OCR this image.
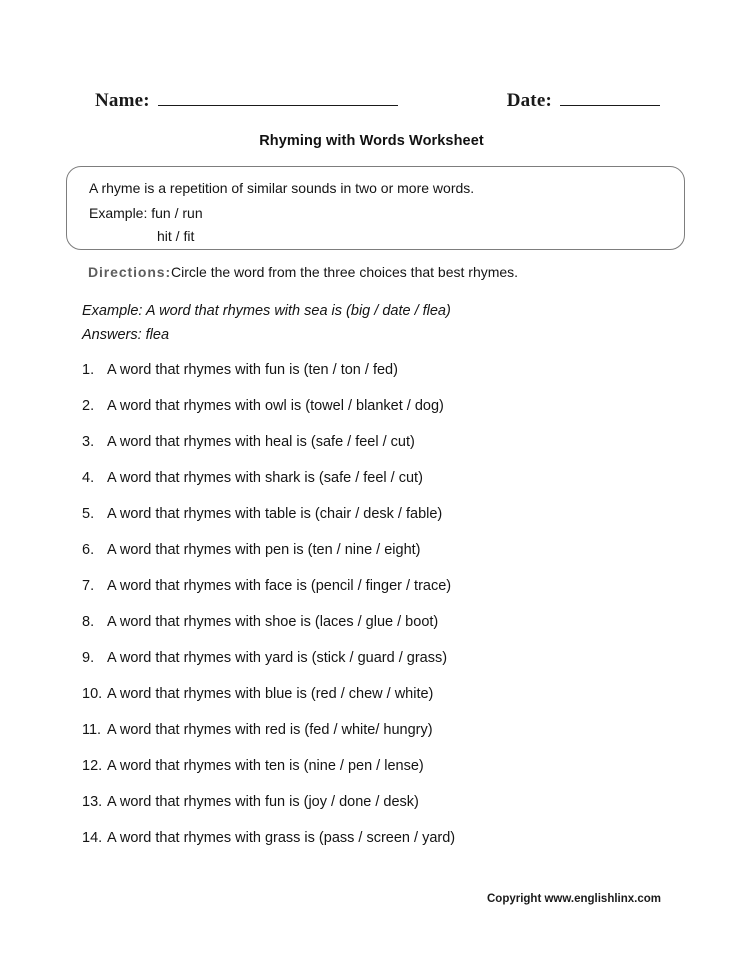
Name:	Date:
Rhyming with Words Worksheet
A rhyme is a repetition of similar sounds in two or more words.
Example: fun / run
hit / fit
Directions:Circle the word from the three choices that best rhymes.
Example: A word that rhymes with sea is (big / date / flea)
Answers: flea
1. A word that rhymes with fun is (ten / ton / fed)
2. A word that rhymes with owl is (towel / blanket / dog)
3. A word that rhymes with heal is (safe / feel / cut)
4. A word that rhymes with shark is (safe / feel / cut)
5. A word that rhymes with table is (chair / desk / fable)
6. A word that rhymes with pen is (ten / nine / eight)
7. A word that rhymes with face is (pencil / finger / trace)
8. A word that rhymes with shoe is (laces / glue / boot)
9. A word that rhymes with yard is (stick / guard / grass)
10. A word that rhymes with blue is (red / chew / white)
11. A word that rhymes with red is (fed / white/ hungry)
12. A word that rhymes with ten is (nine / pen / lense)
13. A word that rhymes with fun is (joy / done / desk)
14. A word that rhymes with grass is (pass / screen / yard)
Copyright www.englishlinx.com
